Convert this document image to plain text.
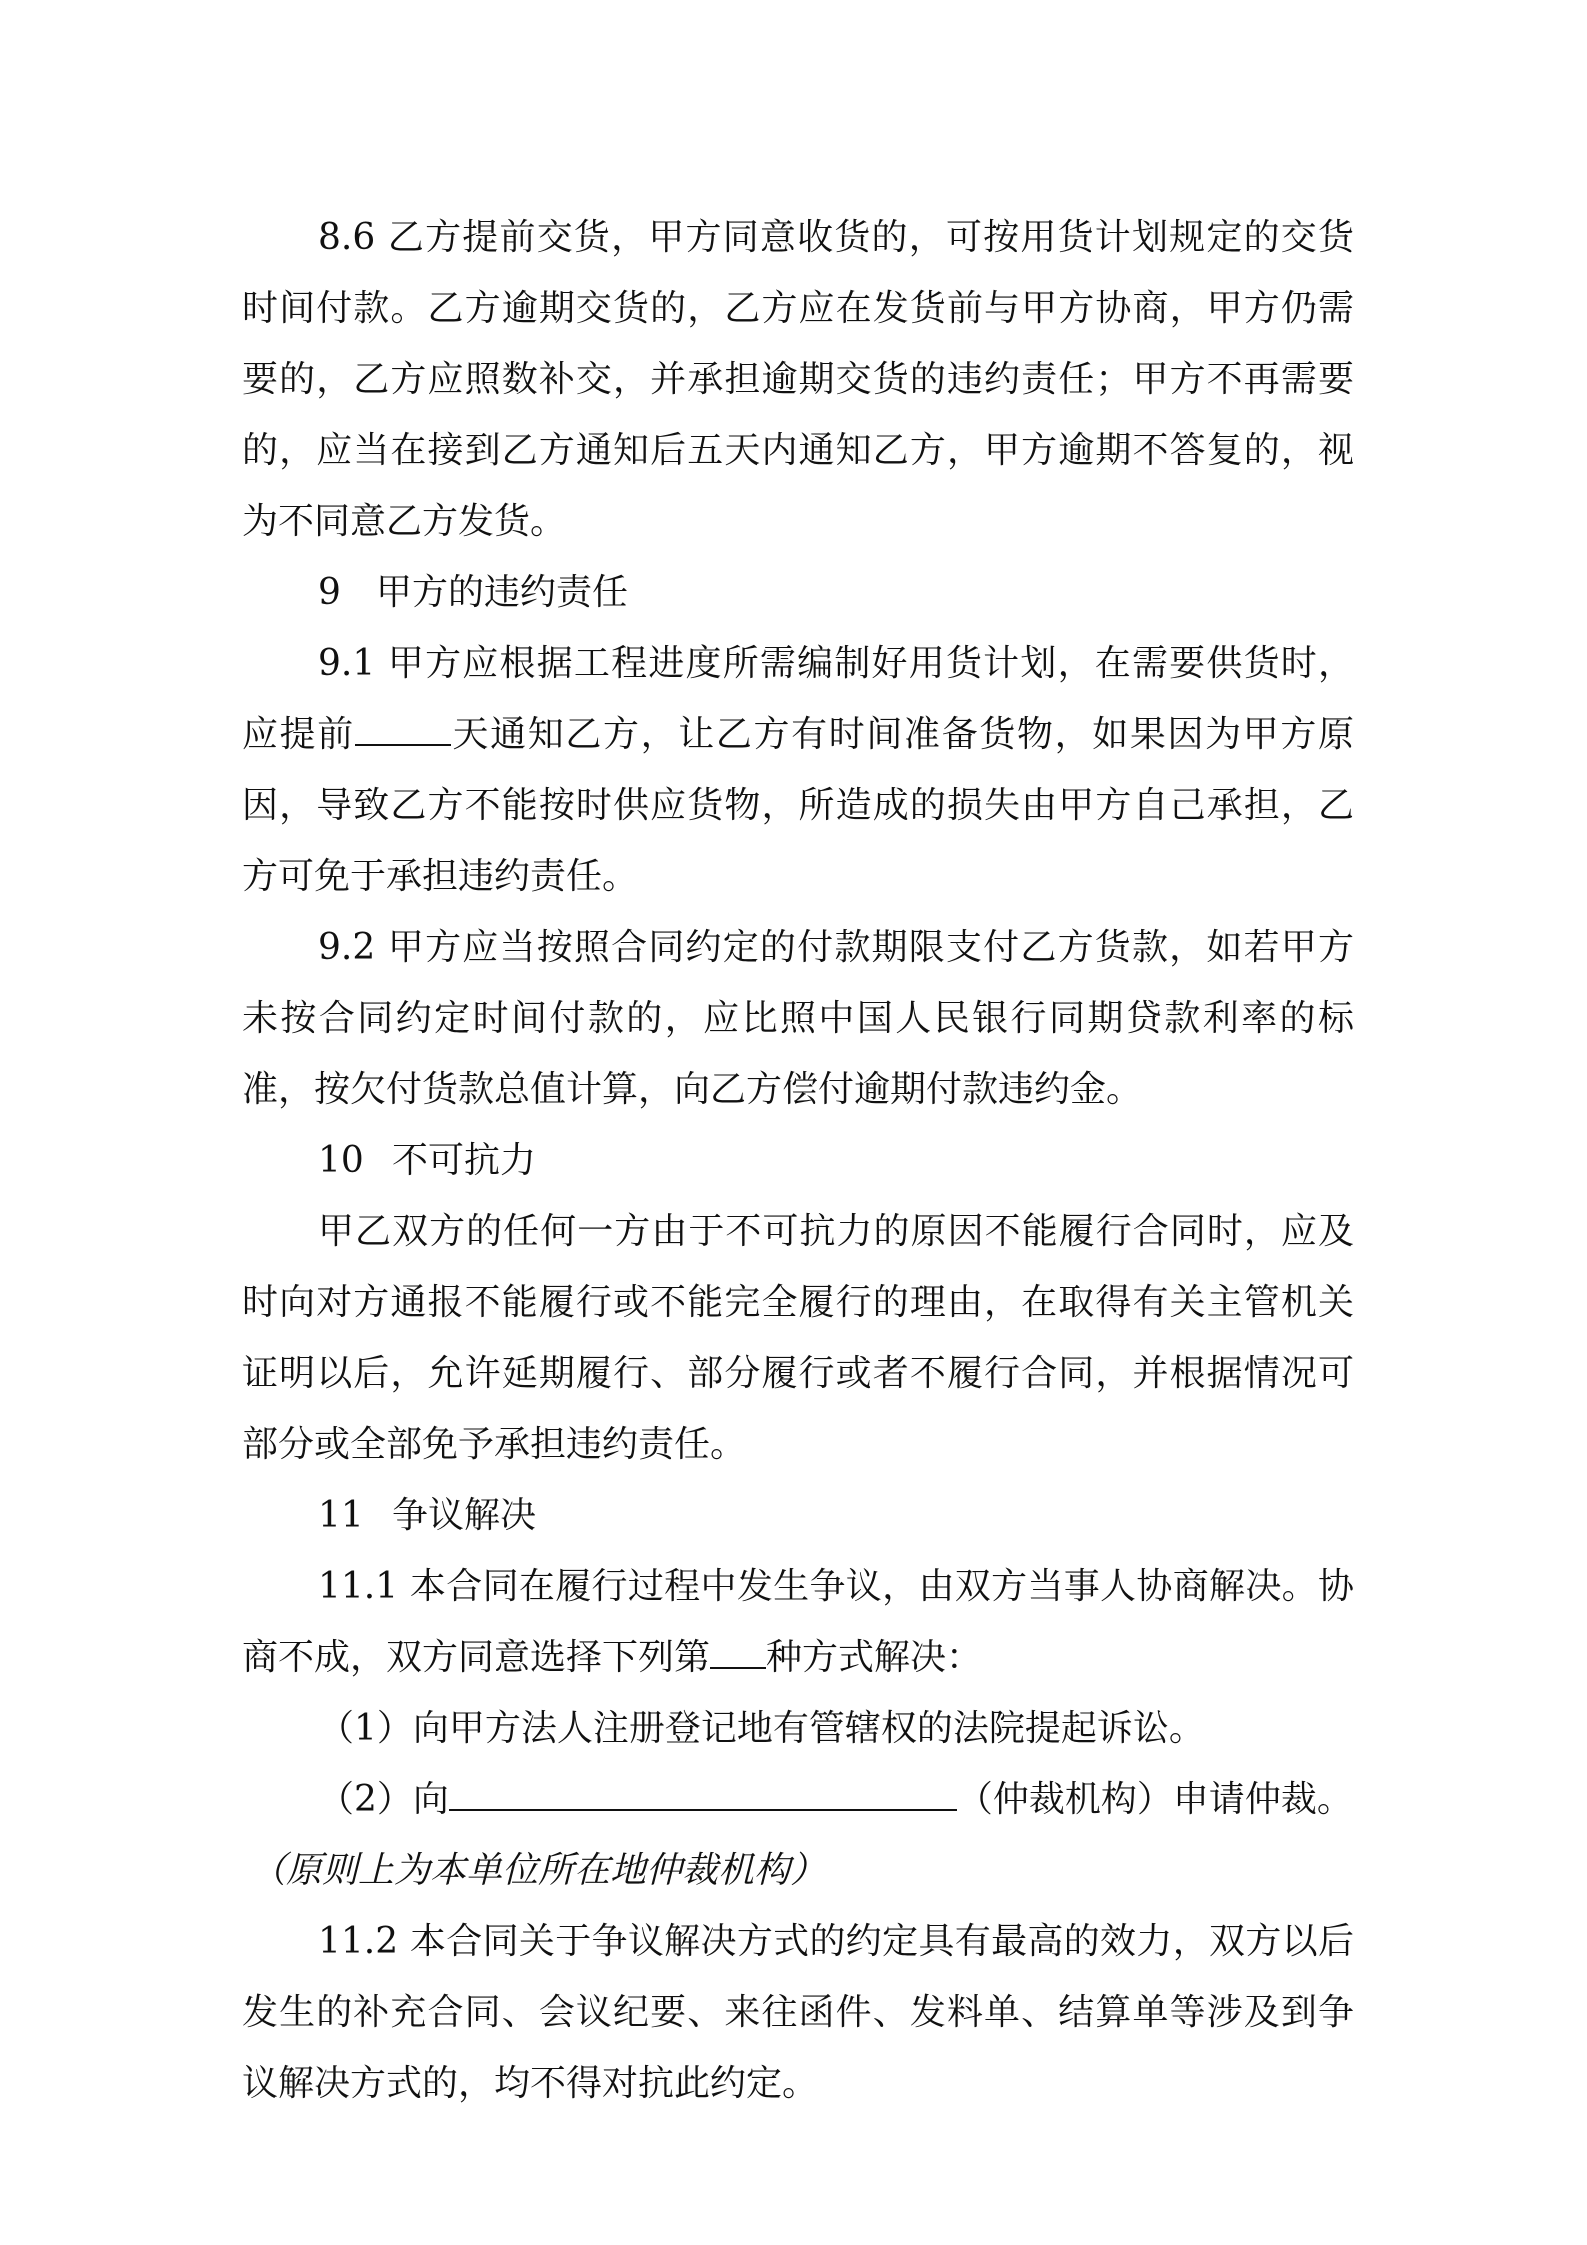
8.6 乙方提前交货，甲方同意收货的，可按用货计划规定的交货时间付款。乙方逾期交货的，乙方应在发货前与甲方协商，甲方仍需要的，乙方应照数补交，并承担逾期交货的违约责任；甲方不再需要的，应当在接到乙方通知后五天内通知乙方，甲方逾期不答复的，视为不同意乙方发货。

9 甲方的违约责任

9.1 甲方应根据工程进度所需编制好用货计划，在需要供货时，应提前	天通知乙方，让乙方有时间准备货物，如果因为甲方原因，导致乙方不能按时供应货物，所造成的损失由甲方自己承担，乙方可免于承担违约责任。

9.2 甲方应当按照合同约定的付款期限支付乙方货款，如若甲方未按合同约定时间付款的，应比照中国人民银行同期贷款利率的标准，按欠付货款总值计算，向乙方偿付逾期付款违约金。

10 不可抗力

甲乙双方的任何一方由于不可抗力的原因不能履行合同时，应及时向对方通报不能履行或不能完全履行的理由，在取得有关主管机关证明以后，允许延期履行、部分履行或者不履行合同，并根据情况可部分或全部免予承担违约责任。

11 争议解决

11.1 本合同在履行过程中发生争议，由双方当事人协商解决。协商不成，双方同意选择下列第 种方式解决：

（1）向甲方法人注册登记地有管辖权的法院提起诉讼。

（2）向	（仲裁机构）申请仲裁。

（原则上为本单位所在地仲裁机构）

11.2 本合同关于争议解决方式的约定具有最高的效力，双方以后发生的补充合同、会议纪要、来往函件、发料单、结算单等涉及到争议解决方式的，均不得对抗此约定。
